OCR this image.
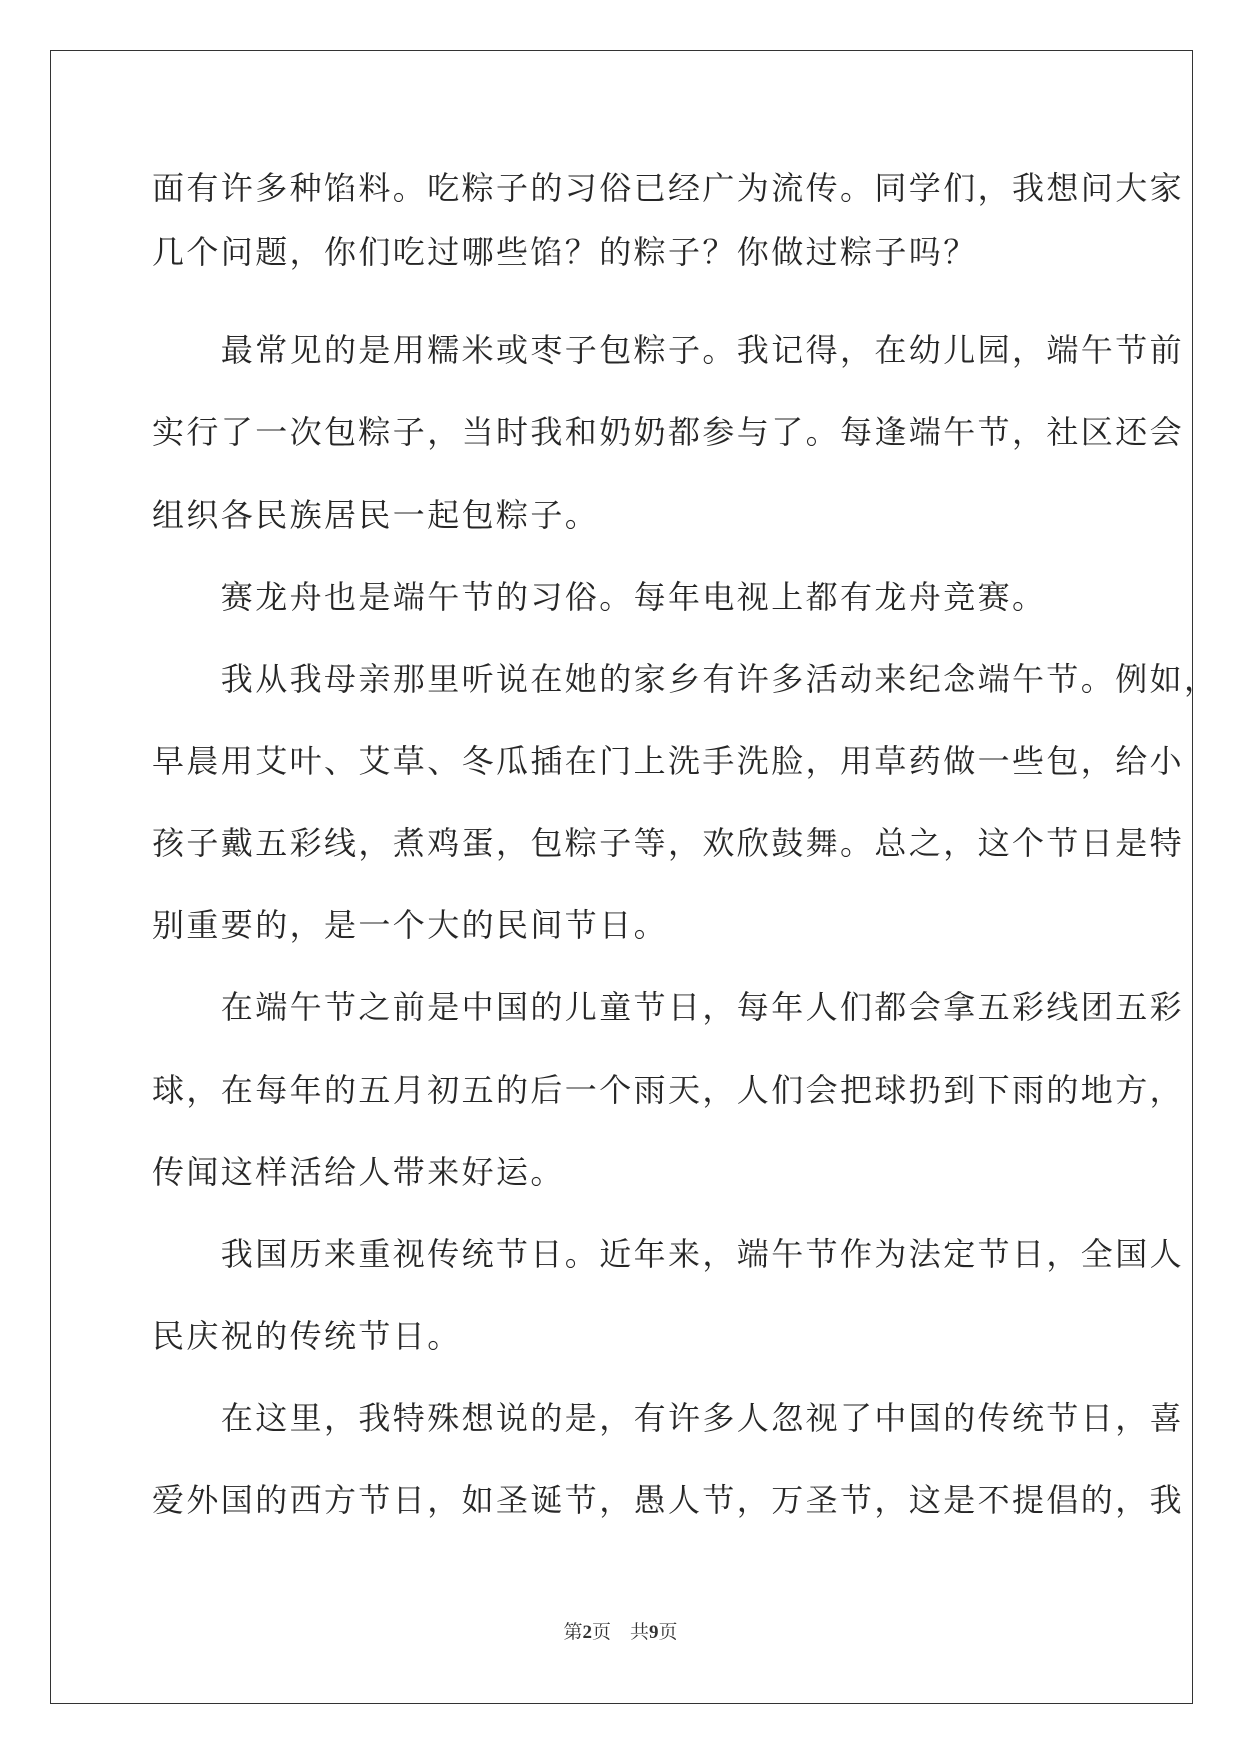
面有许多种馅料。吃粽子的习俗已经广为流传。同学们，我想问大家
几个问题，你们吃过哪些馅？的粽子？你做过粽子吗？
　　最常见的是用糯米或枣子包粽子。我记得，在幼儿园，端午节前
实行了一次包粽子，当时我和奶奶都参与了。每逢端午节，社区还会
组织各民族居民一起包粽子。
　　赛龙舟也是端午节的习俗。每年电视上都有龙舟竞赛。
　　我从我母亲那里听说在她的家乡有许多活动来纪念端午节。例如，
早晨用艾叶、艾草、冬瓜插在门上洗手洗脸，用草药做一些包，给小
孩子戴五彩线，煮鸡蛋，包粽子等，欢欣鼓舞。总之，这个节日是特
别重要的，是一个大的民间节日。
　　在端午节之前是中国的儿童节日，每年人们都会拿五彩线团五彩
球，在每年的五月初五的后一个雨天，人们会把球扔到下雨的地方，
传闻这样活给人带来好运。
　　我国历来重视传统节日。近年来，端午节作为法定节日，全国人
民庆祝的传统节日。
　　在这里，我特殊想说的是，有许多人忽视了中国的传统节日，喜
爱外国的西方节日，如圣诞节，愚人节，万圣节，这是不提倡的，我
第2页　共9页
